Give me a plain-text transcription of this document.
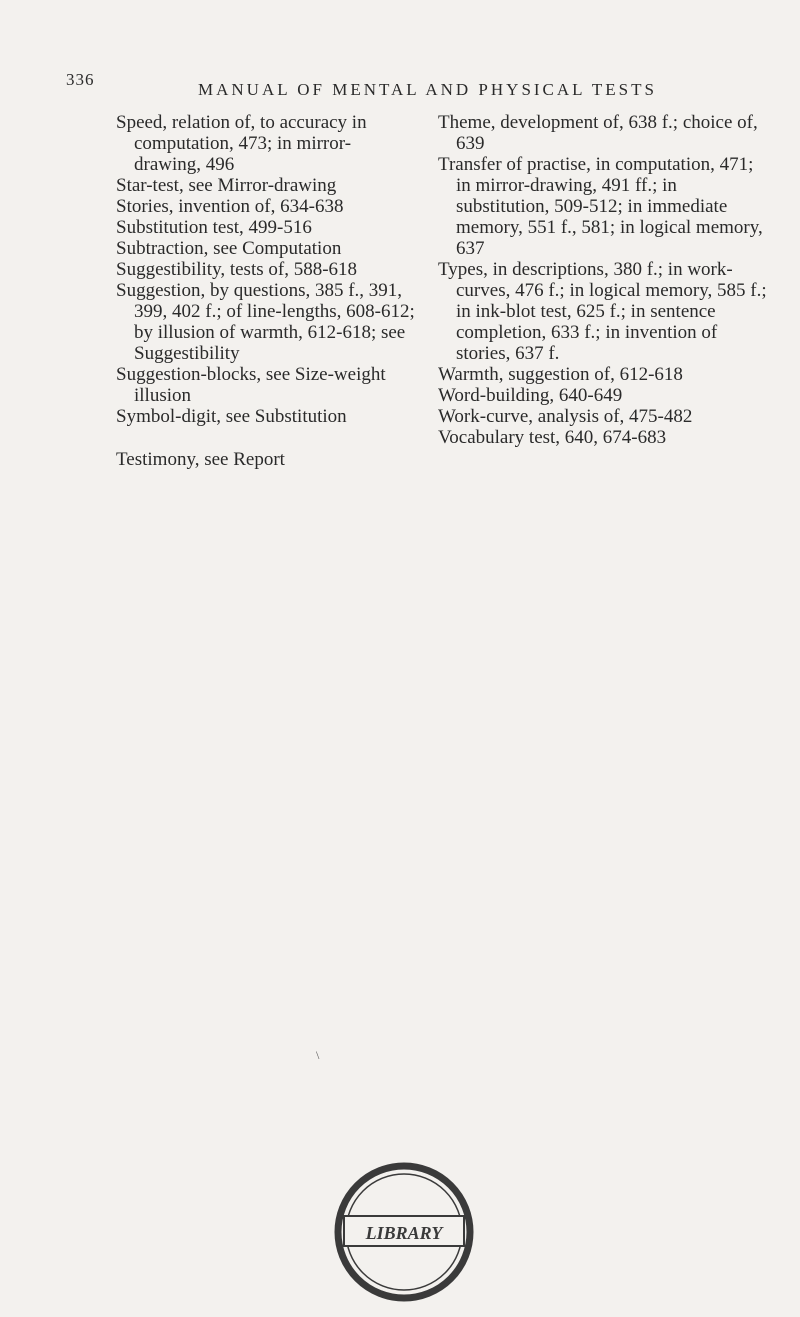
336
MANUAL OF MENTAL AND PHYSICAL TESTS

Speed, relation of, to accuracy in computation, 473; in mirror-drawing, 496

Star-test, see Mirror-drawing

Stories, invention of, 634-638

Substitution test, 499-516

Subtraction, see Computation

Suggestibility, tests of, 588-618

Suggestion, by questions, 385 f., 391, 399, 402 f.; of line-lengths, 608-612; by illusion of warmth, 612-618; see Suggestibility

Suggestion-blocks, see Size-weight illusion

Symbol-digit, see Substitution

Testimony, see Report

Theme, development of, 638 f.; choice of, 639

Transfer of practise, in computation, 471; in mirror-drawing, 491 ff.; in substitution, 509-512; in immediate memory, 551 f., 581; in logical memory, 637

Types, in descriptions, 380 f.; in work-curves, 476 f.; in logical memory, 585 f.; in ink-blot test, 625 f.; in sentence completion, 633 f.; in invention of stories, 637 f.

Warmth, suggestion of, 612-618

Word-building, 640-649

Work-curve, analysis of, 475-482

Vocabulary test, 640, 674-683

\
LIBRARY
